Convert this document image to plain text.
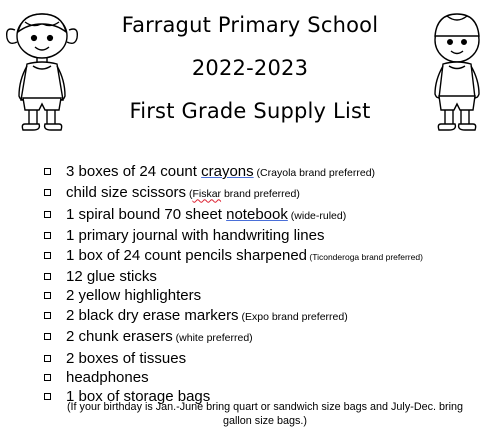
Farragut Primary School
2022-2023
First Grade Supply List
3 boxes of 24 count crayons (Crayola brand preferred)
child size scissors (Fiskar brand preferred)
1 spiral bound 70 sheet notebook (wide-ruled)
1 primary journal with handwriting lines
1 box of 24 count pencils sharpened (Ticonderoga brand preferred)
12 glue sticks
2 yellow highlighters
2 black dry erase markers (Expo brand preferred)
2 chunk erasers (white preferred)
2 boxes of tissues
headphones
1 box of storage bags
(If your birthday is Jan.-June bring quart or sandwich size bags and July-Dec. bring gallon size bags.)
